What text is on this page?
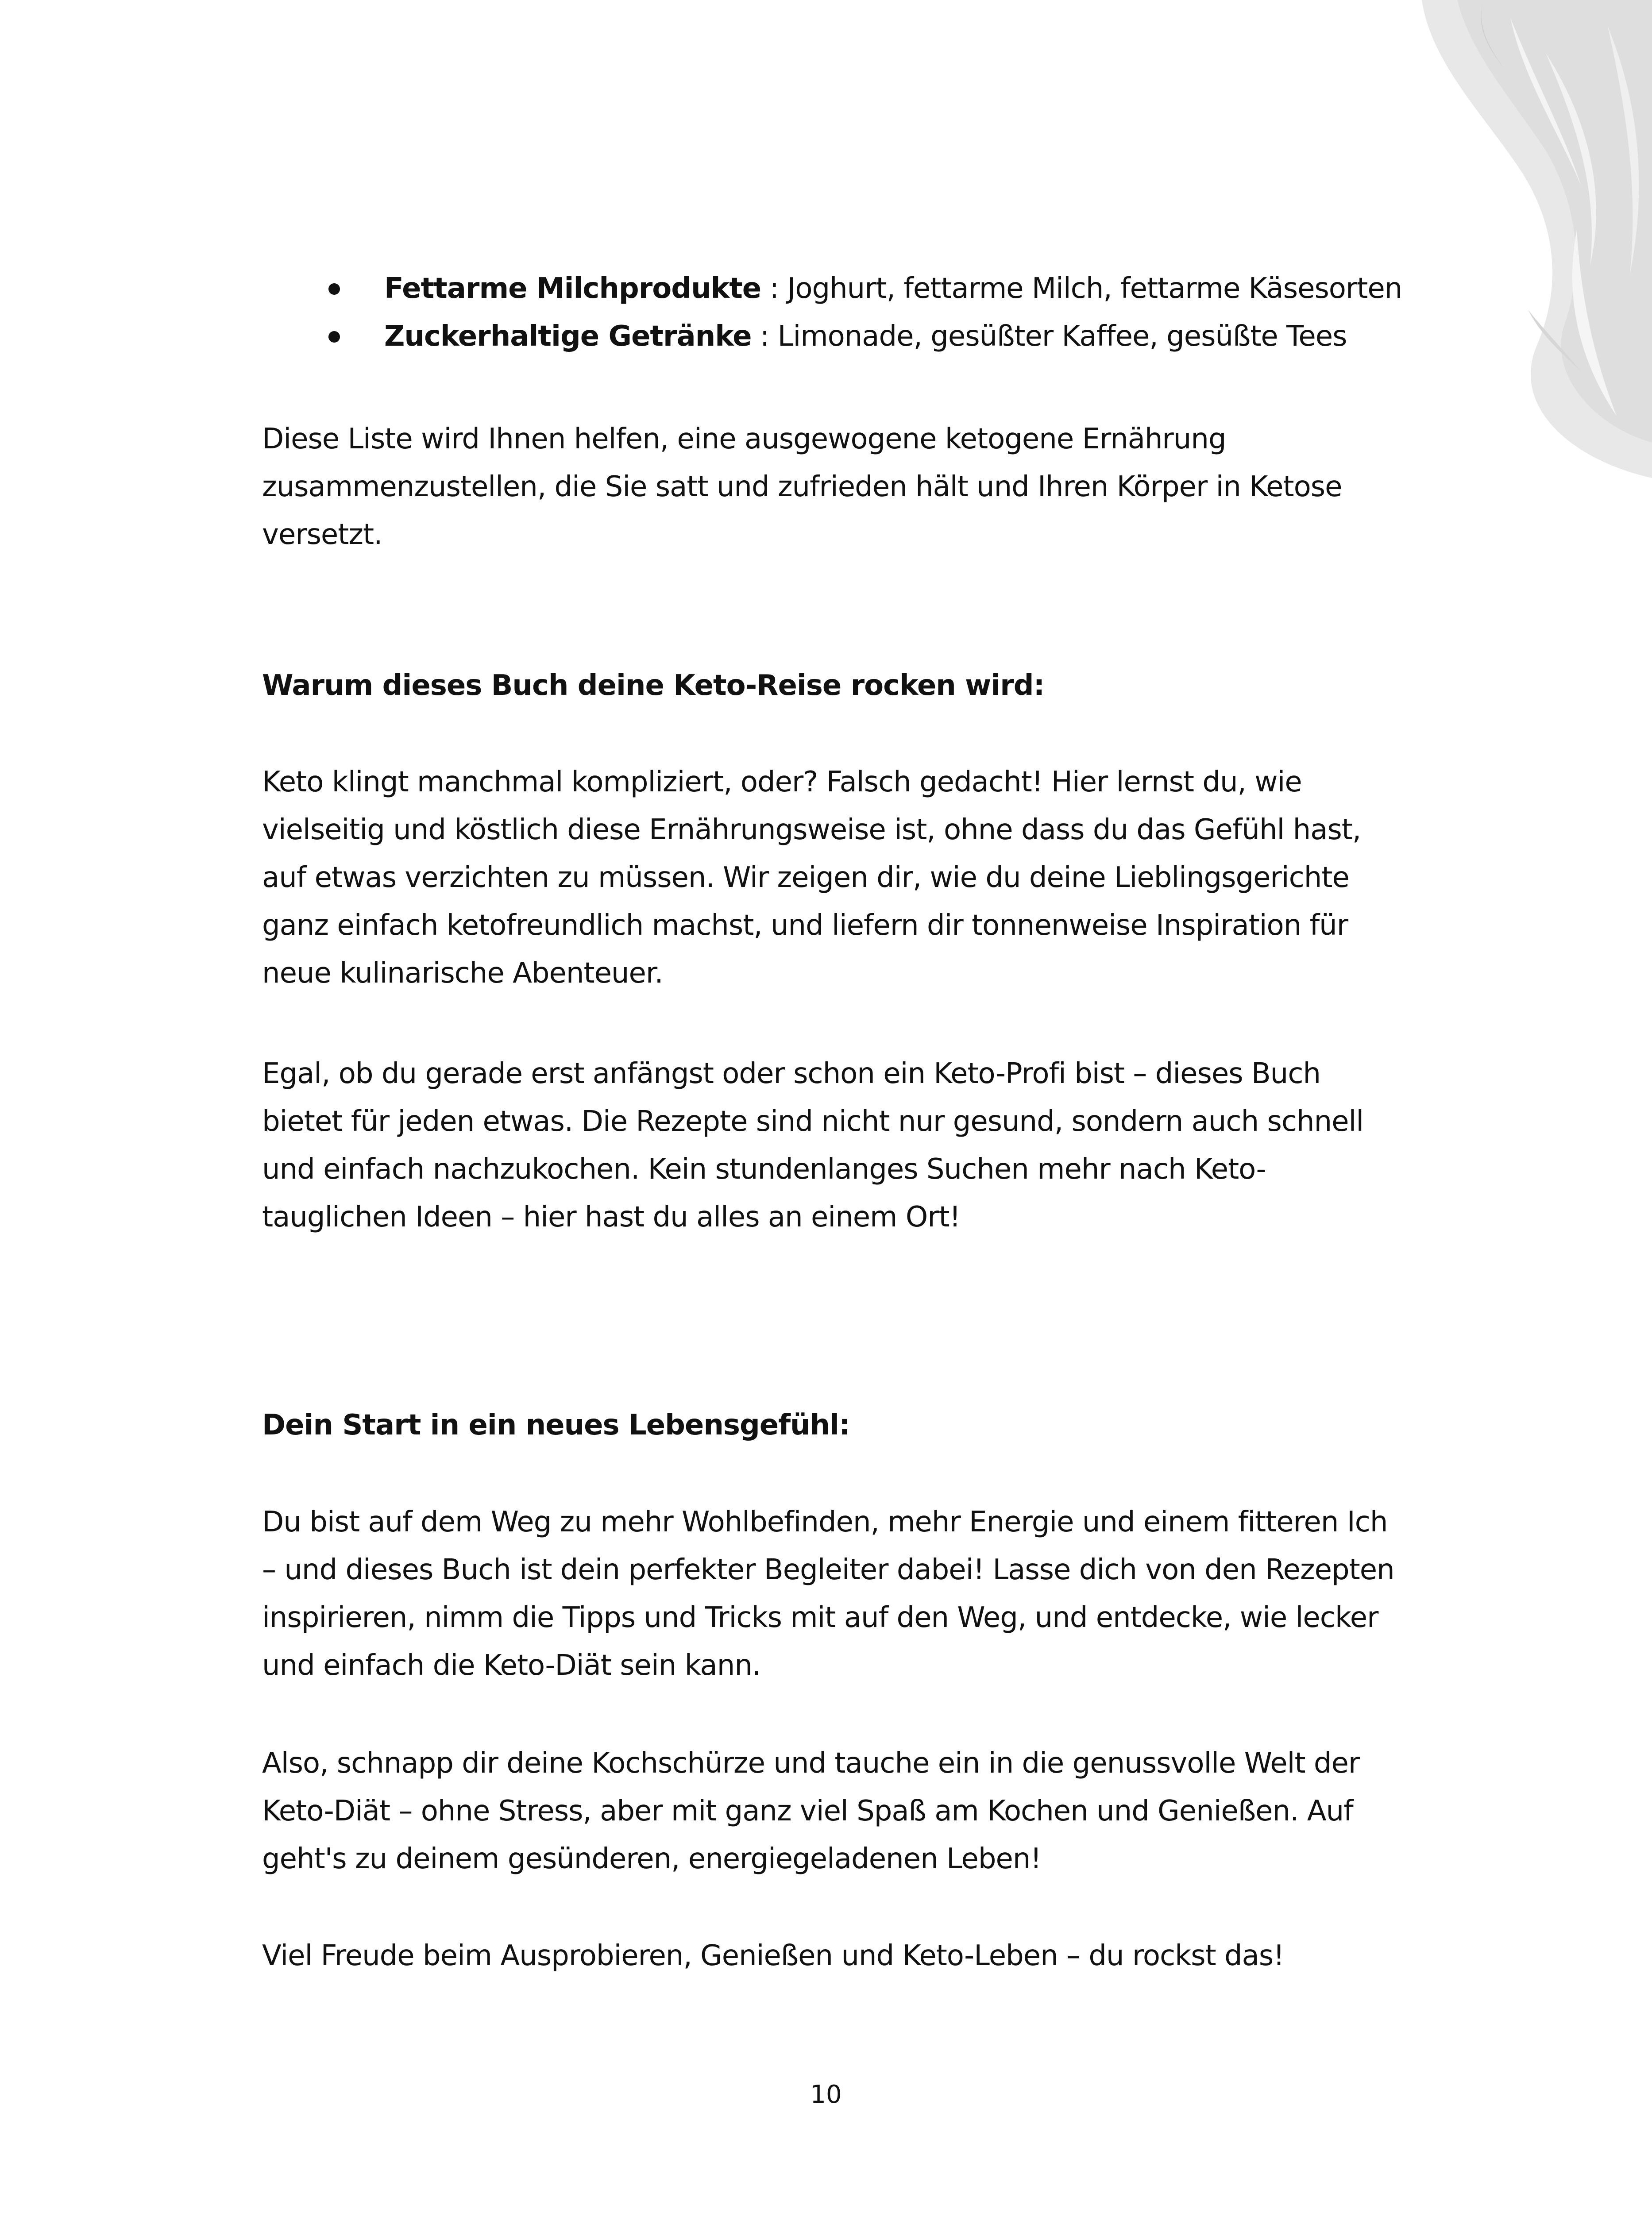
Fettarme Milchprodukte : Joghurt, fettarme Milch, fettarme Käsesorten
Zuckerhaltige Getränke : Limonade, gesüßter Kaffee, gesüßte Tees

Diese Liste wird Ihnen helfen, eine ausgewogene ketogene Ernährung zusammenzustellen, die Sie satt und zufrieden hält und Ihren Körper in Ketose versetzt.

Warum dieses Buch deine Keto-Reise rocken wird:

Keto klingt manchmal kompliziert, oder? Falsch gedacht! Hier lernst du, wie vielseitig und köstlich diese Ernährungsweise ist, ohne dass du das Gefühl hast, auf etwas verzichten zu müssen. Wir zeigen dir, wie du deine Lieblingsgerichte ganz einfach ketofreundlich machst, und liefern dir tonnenweise Inspiration für neue kulinarische Abenteuer.

Egal, ob du gerade erst anfängst oder schon ein Keto-Profi bist – dieses Buch bietet für jeden etwas. Die Rezepte sind nicht nur gesund, sondern auch schnell und einfach nachzukochen. Kein stundenlanges Suchen mehr nach Keto-tauglichen Ideen – hier hast du alles an einem Ort!

Dein Start in ein neues Lebensgefühl:

Du bist auf dem Weg zu mehr Wohlbefinden, mehr Energie und einem fitteren Ich – und dieses Buch ist dein perfekter Begleiter dabei! Lasse dich von den Rezepten inspirieren, nimm die Tipps und Tricks mit auf den Weg, und entdecke, wie lecker und einfach die Keto-Diät sein kann.

Also, schnapp dir deine Kochschürze und tauche ein in die genussvolle Welt der Keto-Diät – ohne Stress, aber mit ganz viel Spaß am Kochen und Genießen. Auf geht's zu deinem gesünderen, energiegeladenen Leben!

Viel Freude beim Ausprobieren, Genießen und Keto-Leben – du rockst das!

10
